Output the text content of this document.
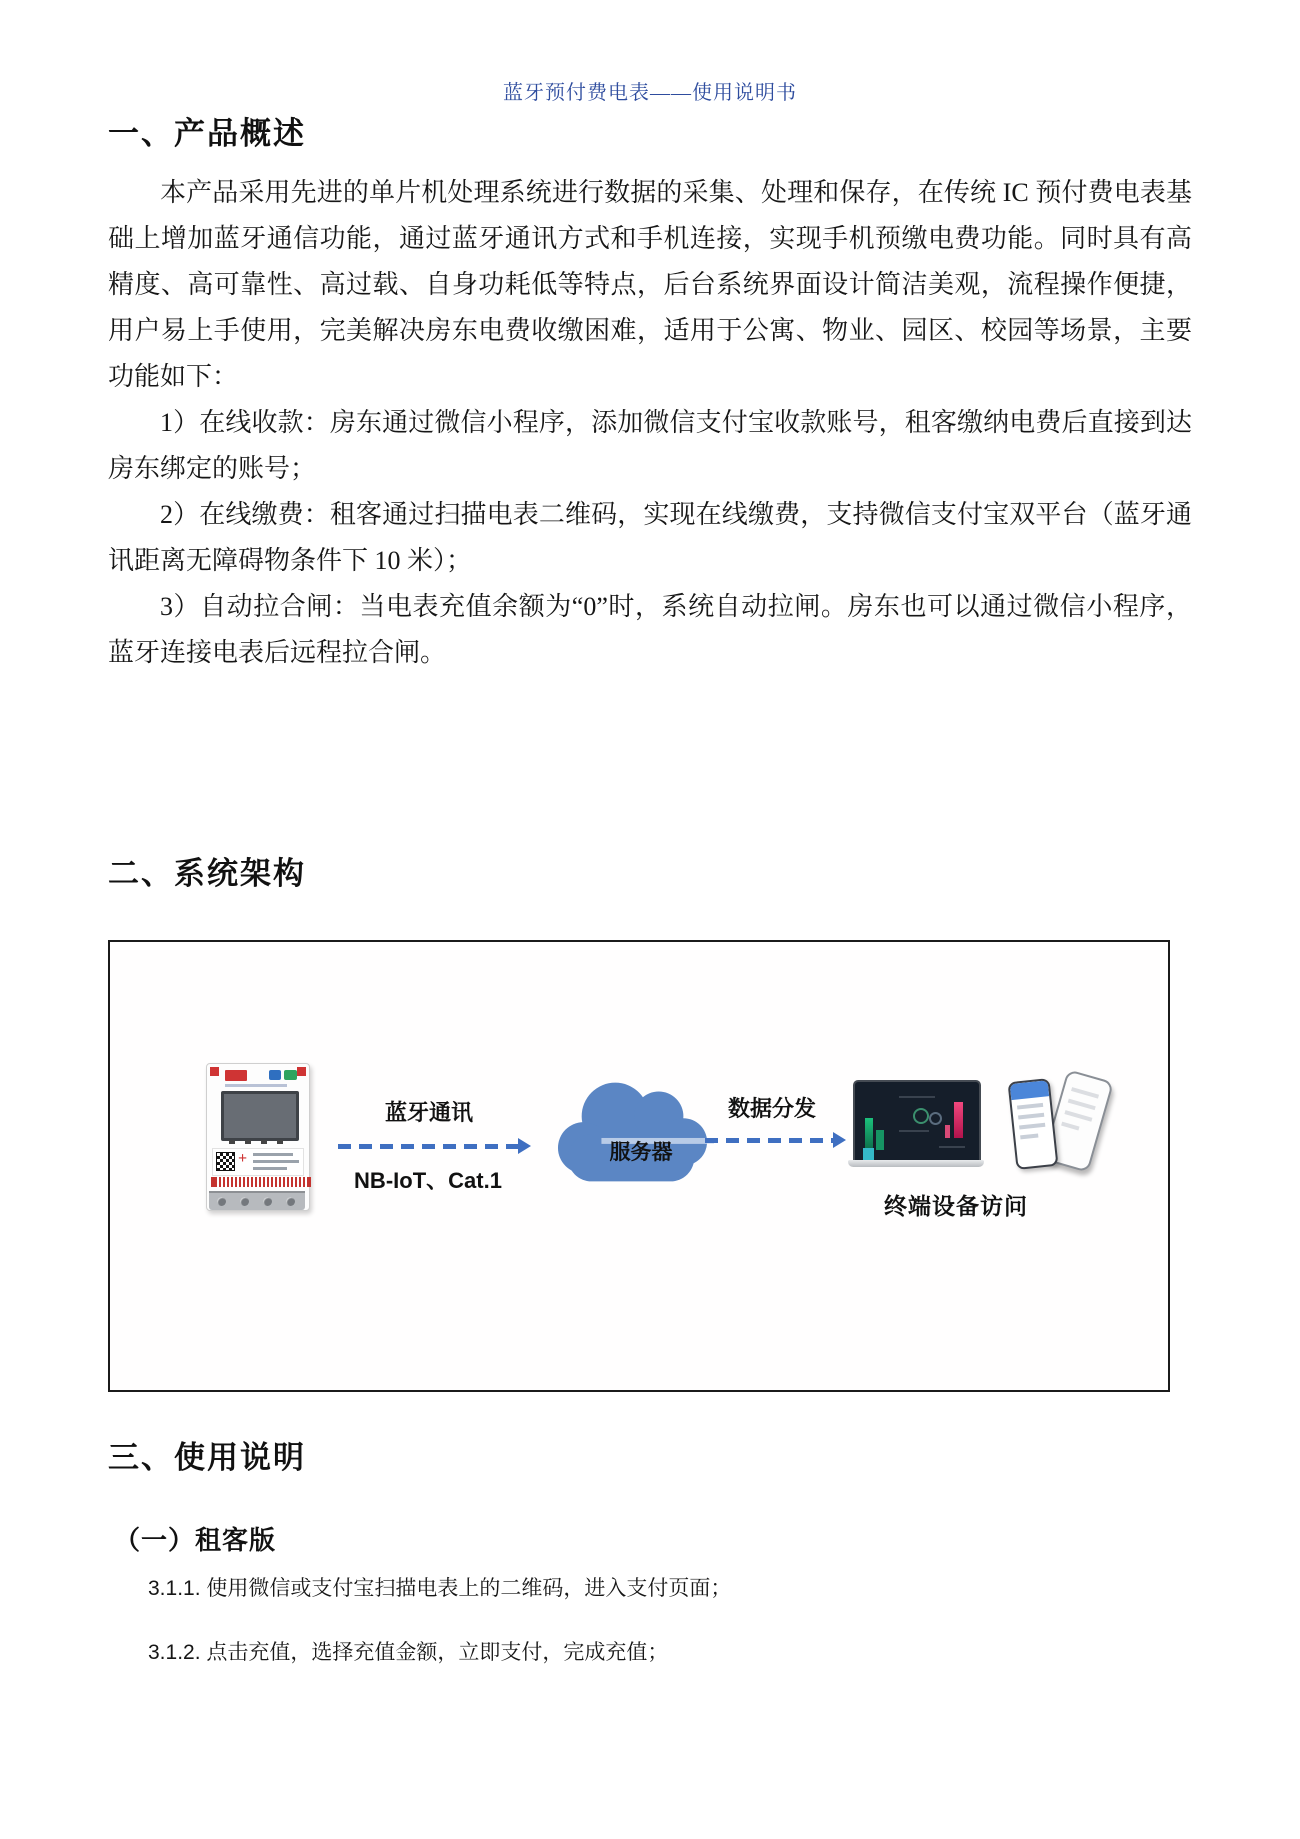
蓝牙预付费电表——使用说明书
一、产品概述

本产品采用先进的单片机处理系统进行数据的采集、处理和保存，在传统 IC 预付费电表基础上增加蓝牙通信功能，通过蓝牙通讯方式和手机连接，实现手机预缴电费功能。同时具有高精度、高可靠性、高过载、自身功耗低等特点，后台系统界面设计简洁美观，流程操作便捷，用户易上手使用，完美解决房东电费收缴困难，适用于公寓、物业、园区、校园等场景，主要功能如下：

1）在线收款：房东通过微信小程序，添加微信支付宝收款账号，租客缴纳电费后直接到达房东绑定的账号；

2）在线缴费：租客通过扫描电表二维码，实现在线缴费，支持微信支付宝双平台（蓝牙通讯距离无障碍物条件下 10 米）；

3）自动拉合闸：当电表充值余额为“0”时，系统自动拉闸。房东也可以通过微信小程序，蓝牙连接电表后远程拉合闸。

二、系统架构
+
蓝牙通讯
NB-IoT、Cat.1
服务器
数据分发
终端设备访问
三、使用说明
（一）租客版

3.1.1. 使用微信或支付宝扫描电表上的二维码，进入支付页面；

3.1.2. 点击充值，选择充值金额，立即支付，完成充值；
